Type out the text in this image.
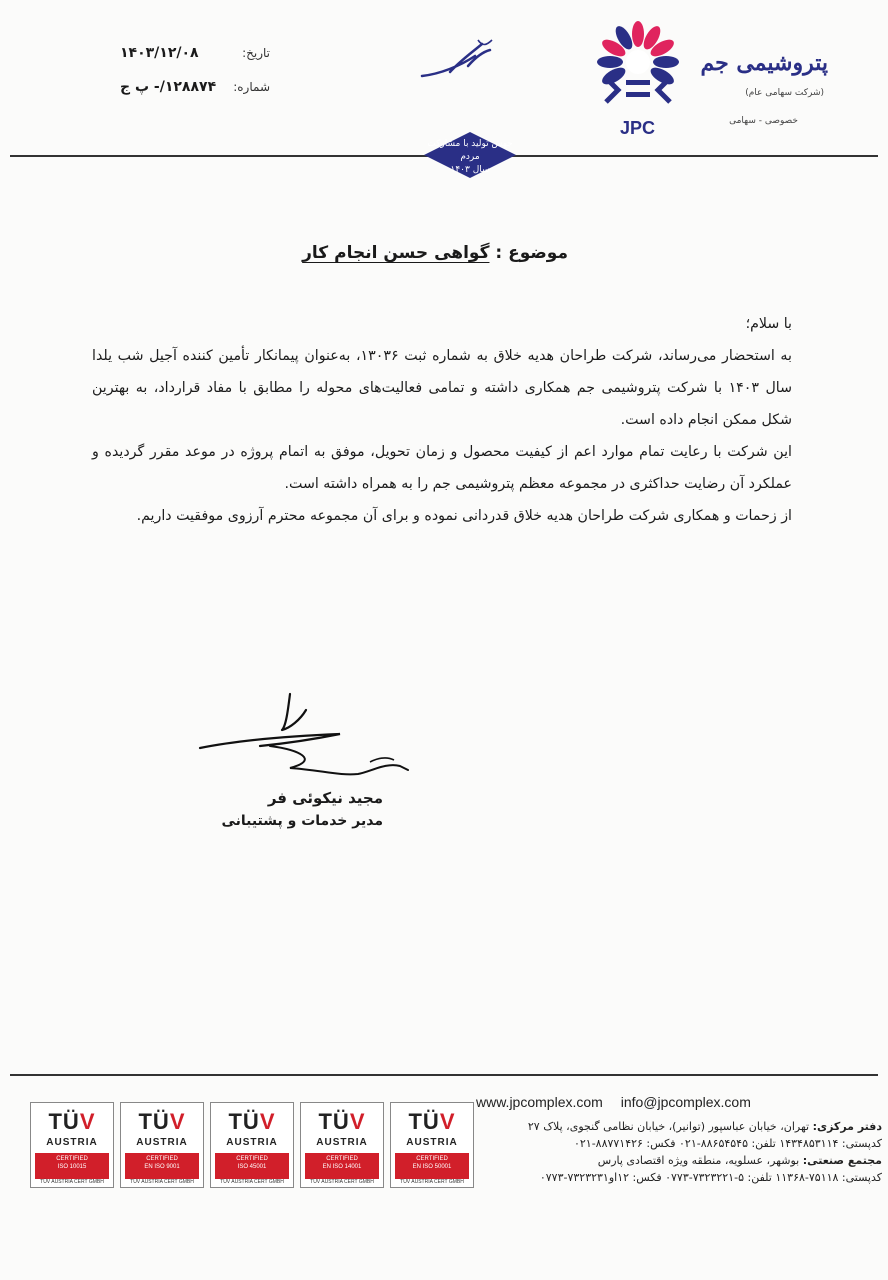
تاریخ:
۱۴۰۳/۱۲/۰۸
شماره:
۱۲۸۸۷۴/- پ ج
JPC
پتروشیمی جم
(شرکت سهامی عام)
خصوصی - سهامی
جهش تولید با مشارکت مردم
سال ۱۴۰۳
موضوع : گواهی حسن انجام کار

با سلام؛

به استحضار می‌رساند، شرکت طراحان هدیه خلاق به شماره ثبت ۱۳۰۳۶، به‌عنوان پیمانکار تأمین کننده آجیل شب یلدا سال ۱۴۰۳ با شرکت پتروشیمی جم همکاری داشته و تمامی فعالیت‌های محوله را مطابق با مفاد قرارداد، به بهترین شکل ممکن انجام داده است.

این شرکت با رعایت تمام موارد اعم از کیفیت محصول و زمان تحویل، موفق به اتمام پروژه در موعد مقرر گردیده و عملکرد آن رضایت حداکثری در مجموعه معظم پتروشیمی جم را به همراه داشته است.

از زحمات و همکاری شرکت طراحان هدیه خلاق قدردانی نموده و برای آن مجموعه محترم آرزوی موفقیت داریم.

مجید نیکوئی فر
مدیر خدمات و پشتیبانی
TÜV
AUSTRIA
CERTIFIED
ISO 10015
TÜV AUSTRIA CERT GMBH
TÜV
AUSTRIA
CERTIFIED
EN ISO 9001
TÜV AUSTRIA CERT GMBH
TÜV
AUSTRIA
CERTIFIED
ISO 45001
TÜV AUSTRIA CERT GMBH
TÜV
AUSTRIA
CERTIFIED
EN ISO 14001
TÜV AUSTRIA CERT GMBH
TÜV
AUSTRIA
CERTIFIED
EN ISO 50001
TÜV AUSTRIA CERT GMBH
www.jpcomplex.com info@jpcomplex.com
دفتر مرکزی: تهران، خیابان عباسپور (توانیر)، خیابان نظامی گنجوی، پلاک ۲۷
کدپستی: ۱۴۳۴۸۵۳۱۱۴ تلفن: ۸۸۶۵۴۵۴۵-۰۲۱ فکس: ۸۸۷۷۱۴۲۶-۰۲۱
مجتمع صنعتی: بوشهر، عسلویه، منطقه ویژه اقتصادی پارس
کدپستی: ۷۵۱۱۸-۱۱۳۶۸ تلفن: ۵-۷۳۲۳۲۲۱-۰۷۷۳ فکس: ۱۲او۷۳۲۳۲۳۱-۰۷۷۳
